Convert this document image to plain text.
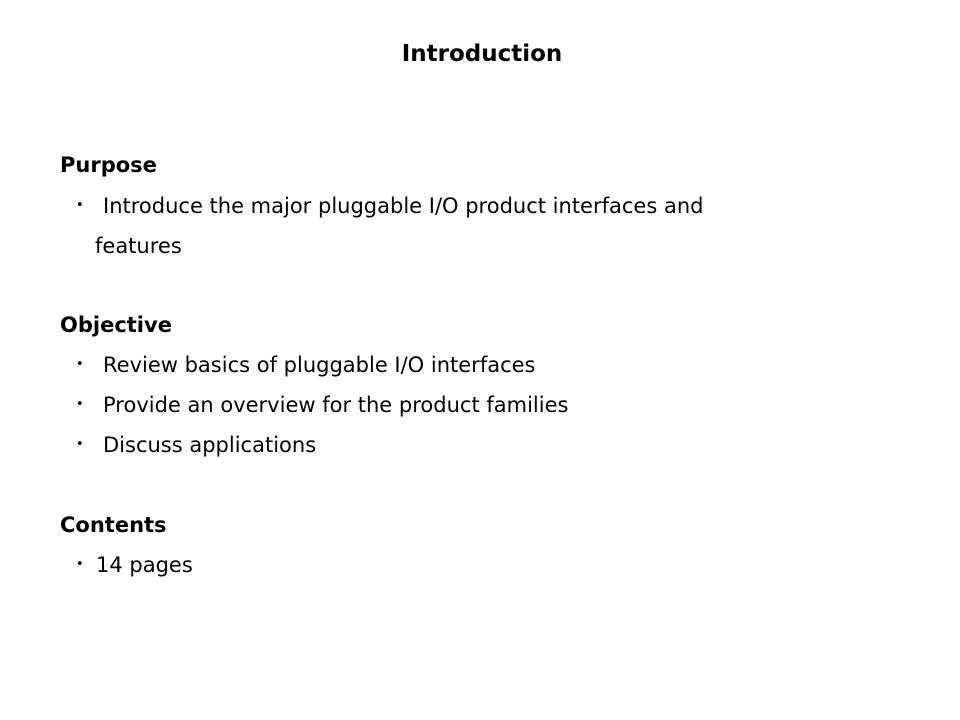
Introduction
Purpose
• Introduce the major pluggable I/O product interfaces and
features
Objective
• Review basics of pluggable I/O interfaces
• Provide an overview for the product families
• Discuss applications
Contents
• 14 pages
